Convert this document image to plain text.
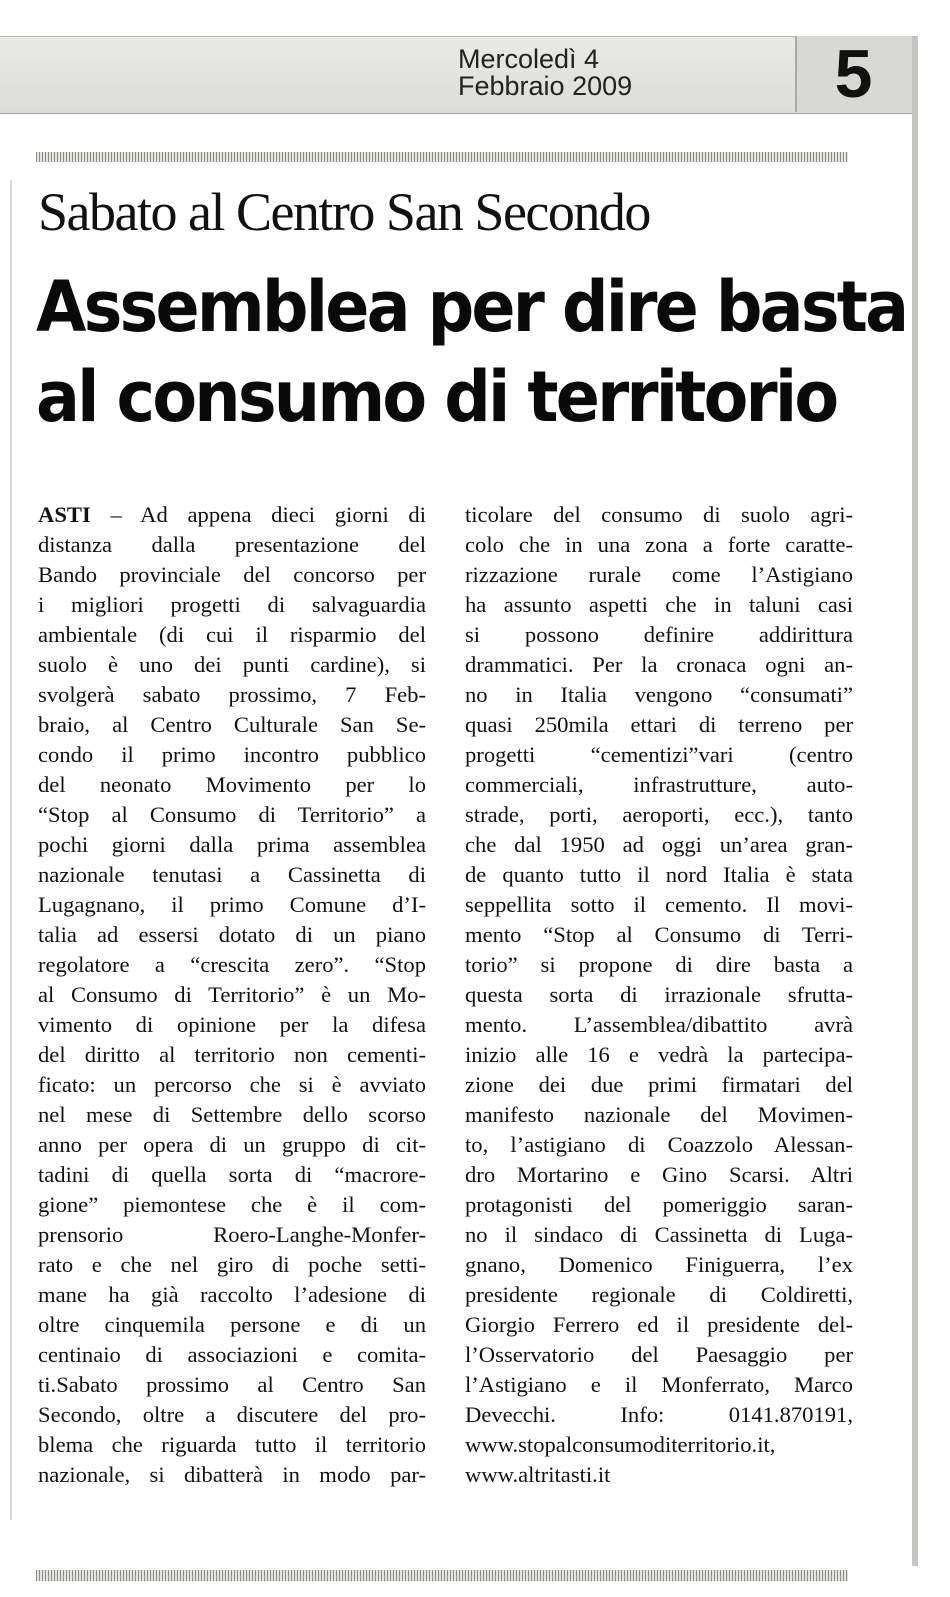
Mercoledì 4
Febbraio 2009	5
Sabato al Centro San Secondo
Assemblea per dire basta
al consumo di territorio
ASTI – Ad appena dieci giorni di
distanza dalla presentazione del
Bando provinciale del concorso per
i migliori progetti di salvaguardia
ambientale (di cui il risparmio del
suolo è uno dei punti cardine), si
svolgerà sabato prossimo, 7 Feb-
braio, al Centro Culturale San Se-
condo il primo incontro pubblico
del neonato Movimento per lo
“Stop al Consumo di Territorio” a
pochi giorni dalla prima assemblea
nazionale tenutasi a Cassinetta di
Lugagnano, il primo Comune d’I-
talia ad essersi dotato di un piano
regolatore a “crescita zero”. “Stop
al Consumo di Territorio” è un Mo-
vimento di opinione per la difesa
del diritto al territorio non cementi-
ficato: un percorso che si è avviato
nel mese di Settembre dello scorso
anno per opera di un gruppo di cit-
tadini di quella sorta di “macrore-
gione” piemontese che è il com-
prensorio Roero-Langhe-Monfer-
rato e che nel giro di poche setti-
mane ha già raccolto l’adesione di
oltre cinquemila persone e di un
centinaio di associazioni e comita-
ti.Sabato prossimo al Centro San
Secondo, oltre a discutere del pro-
blema che riguarda tutto il territorio
nazionale, si dibatterà in modo par-
ticolare del consumo di suolo agri-
colo che in una zona a forte caratte-
rizzazione rurale come l’Astigiano
ha assunto aspetti che in taluni casi
si possono definire addirittura
drammatici. Per la cronaca ogni an-
no in Italia vengono “consumati”
quasi 250mila ettari di terreno per
progetti “cementizi”vari (centro
commerciali, infrastrutture, auto-
strade, porti, aeroporti, ecc.), tanto
che dal 1950 ad oggi un’area gran-
de quanto tutto il nord Italia è stata
seppellita sotto il cemento. Il movi-
mento “Stop al Consumo di Terri-
torio” si propone di dire basta a
questa sorta di irrazionale sfrutta-
mento. L’assemblea/dibattito avrà
inizio alle 16 e vedrà la partecipa-
zione dei due primi firmatari del
manifesto nazionale del Movimen-
to, l’astigiano di Coazzolo Alessan-
dro Mortarino e Gino Scarsi. Altri
protagonisti del pomeriggio saran-
no il sindaco di Cassinetta di Luga-
gnano, Domenico Finiguerra, l’ex
presidente regionale di Coldiretti,
Giorgio Ferrero ed il presidente del-
l’Osservatorio del Paesaggio per
l’Astigiano e il Monferrato, Marco
Devecchi. Info: 0141.870191,
www.stopalconsumoditerritorio.it,
www.altritasti.it
